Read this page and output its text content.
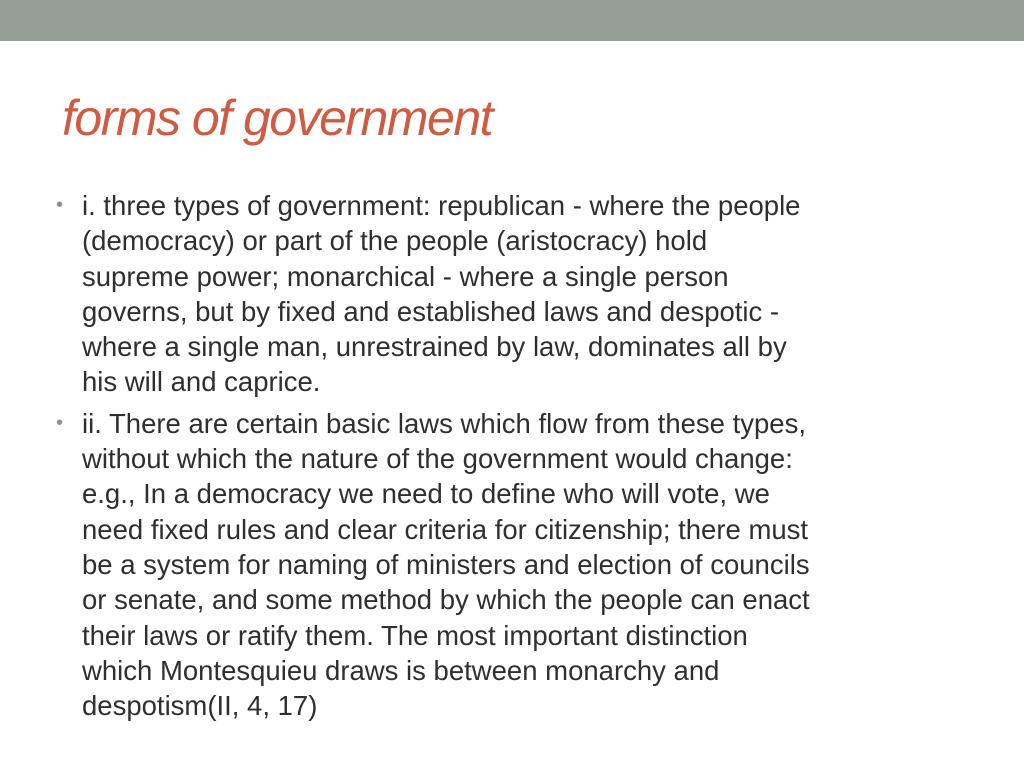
forms of government
• i. three types of government: republican - where the people
(democracy) or part of the people (aristocracy) hold
supreme power; monarchical - where a single person
governs, but by fixed and established laws and despotic -
where a single man, unrestrained by law, dominates all by
his will and caprice.
• ii. There are certain basic laws which flow from these types,
without which the nature of the government would change:
e.g., In a democracy we need to define who will vote, we
need fixed rules and clear criteria for citizenship; there must
be a system for naming of ministers and election of councils
or senate, and some method by which the people can enact
their laws or ratify them. The most important distinction
which Montesquieu draws is between monarchy and
despotism(II, 4, 17)
